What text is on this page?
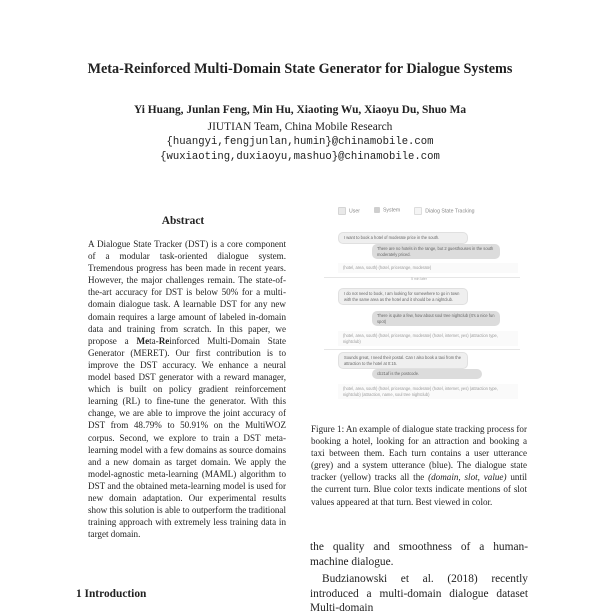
Meta-Reinforced Multi-Domain State Generator for Dialogue Systems
Yi Huang, Junlan Feng, Min Hu, Xiaoting Wu, Xiaoyu Du, Shuo Ma
JIUTIAN Team, China Mobile Research
{huangyi,fengjunlan,humin}@chinamobile.com
{wuxiaoting,duxiaoyu,mashuo}@chinamobile.com
Abstract
A Dialogue State Tracker (DST) is a core component of a modular task-oriented dialogue system. Tremendous progress has been made in recent years. However, the major challenges remain. The state-of-the-art accuracy for DST is below 50% for a multi-domain dialogue task. A learnable DST for any new domain requires a large amount of labeled in-domain data and training from scratch. In this paper, we propose a Meta-Reinforced Multi-Domain State Generator (MERET). Our first contribution is to improve the DST accuracy. We enhance a neural model based DST generator with a reward manager, which is built on policy gradient reinforcement learning (RL) to fine-tune the generator. With this change, we are able to improve the joint accuracy of DST from 48.79% to 50.91% on the MultiWOZ corpus. Second, we explore to train a DST meta-learning model with a few domains as source domains and a new domain as target domain. We apply the model-agnostic meta-learning (MAML) algorithm to DST and the obtained meta-learning model is used for new domain adaptation. Our experimental results show this solution is able to outperform the traditional training approach with extremely less training data in target domain.
1 Introduction
User	System	Dialog State Tracking
I want to book a hotel of moderate price in the south.
There are no hotels in the range, but 2 guesthouses in the south moderately priced.
(hotel, area, south) (hotel, pricerange, moderate)
5 min later
I do not need to book, I am looking for somewhere to go in town with the same area as the hotel and it should be a nightclub.
There is quite a few, how about soul tree nightclub (It's a nice fun spot)
(hotel, area, south) (hotel, pricerange, moderate) (hotel, internet, yes) (attraction type, nightclub)
Sounds great, I need their postal. Can I also book a taxi from the attraction to the hotel at 0:15.
cb21af is the postcode.
(hotel, area, south) (hotel, pricerange, moderate) (hotel, internet, yes) (attraction type, nightclub) (attraction, name, soul tree nightclub)
Figure 1: An example of dialogue state tracking process for booking a hotel, looking for an attraction and booking a taxi between them. Each turn contains a user utterance (grey) and a system utterance (blue). The dialogue state tracker (yellow) tracks all the (domain, slot, value) until the current turn. Blue color texts indicate mentions of slot values appeared at that turn. Best viewed in color.
the quality and smoothness of a human-machine dialogue.
Budzianowski et al. (2018) recently introduced a multi-domain dialogue dataset Multi-domain
